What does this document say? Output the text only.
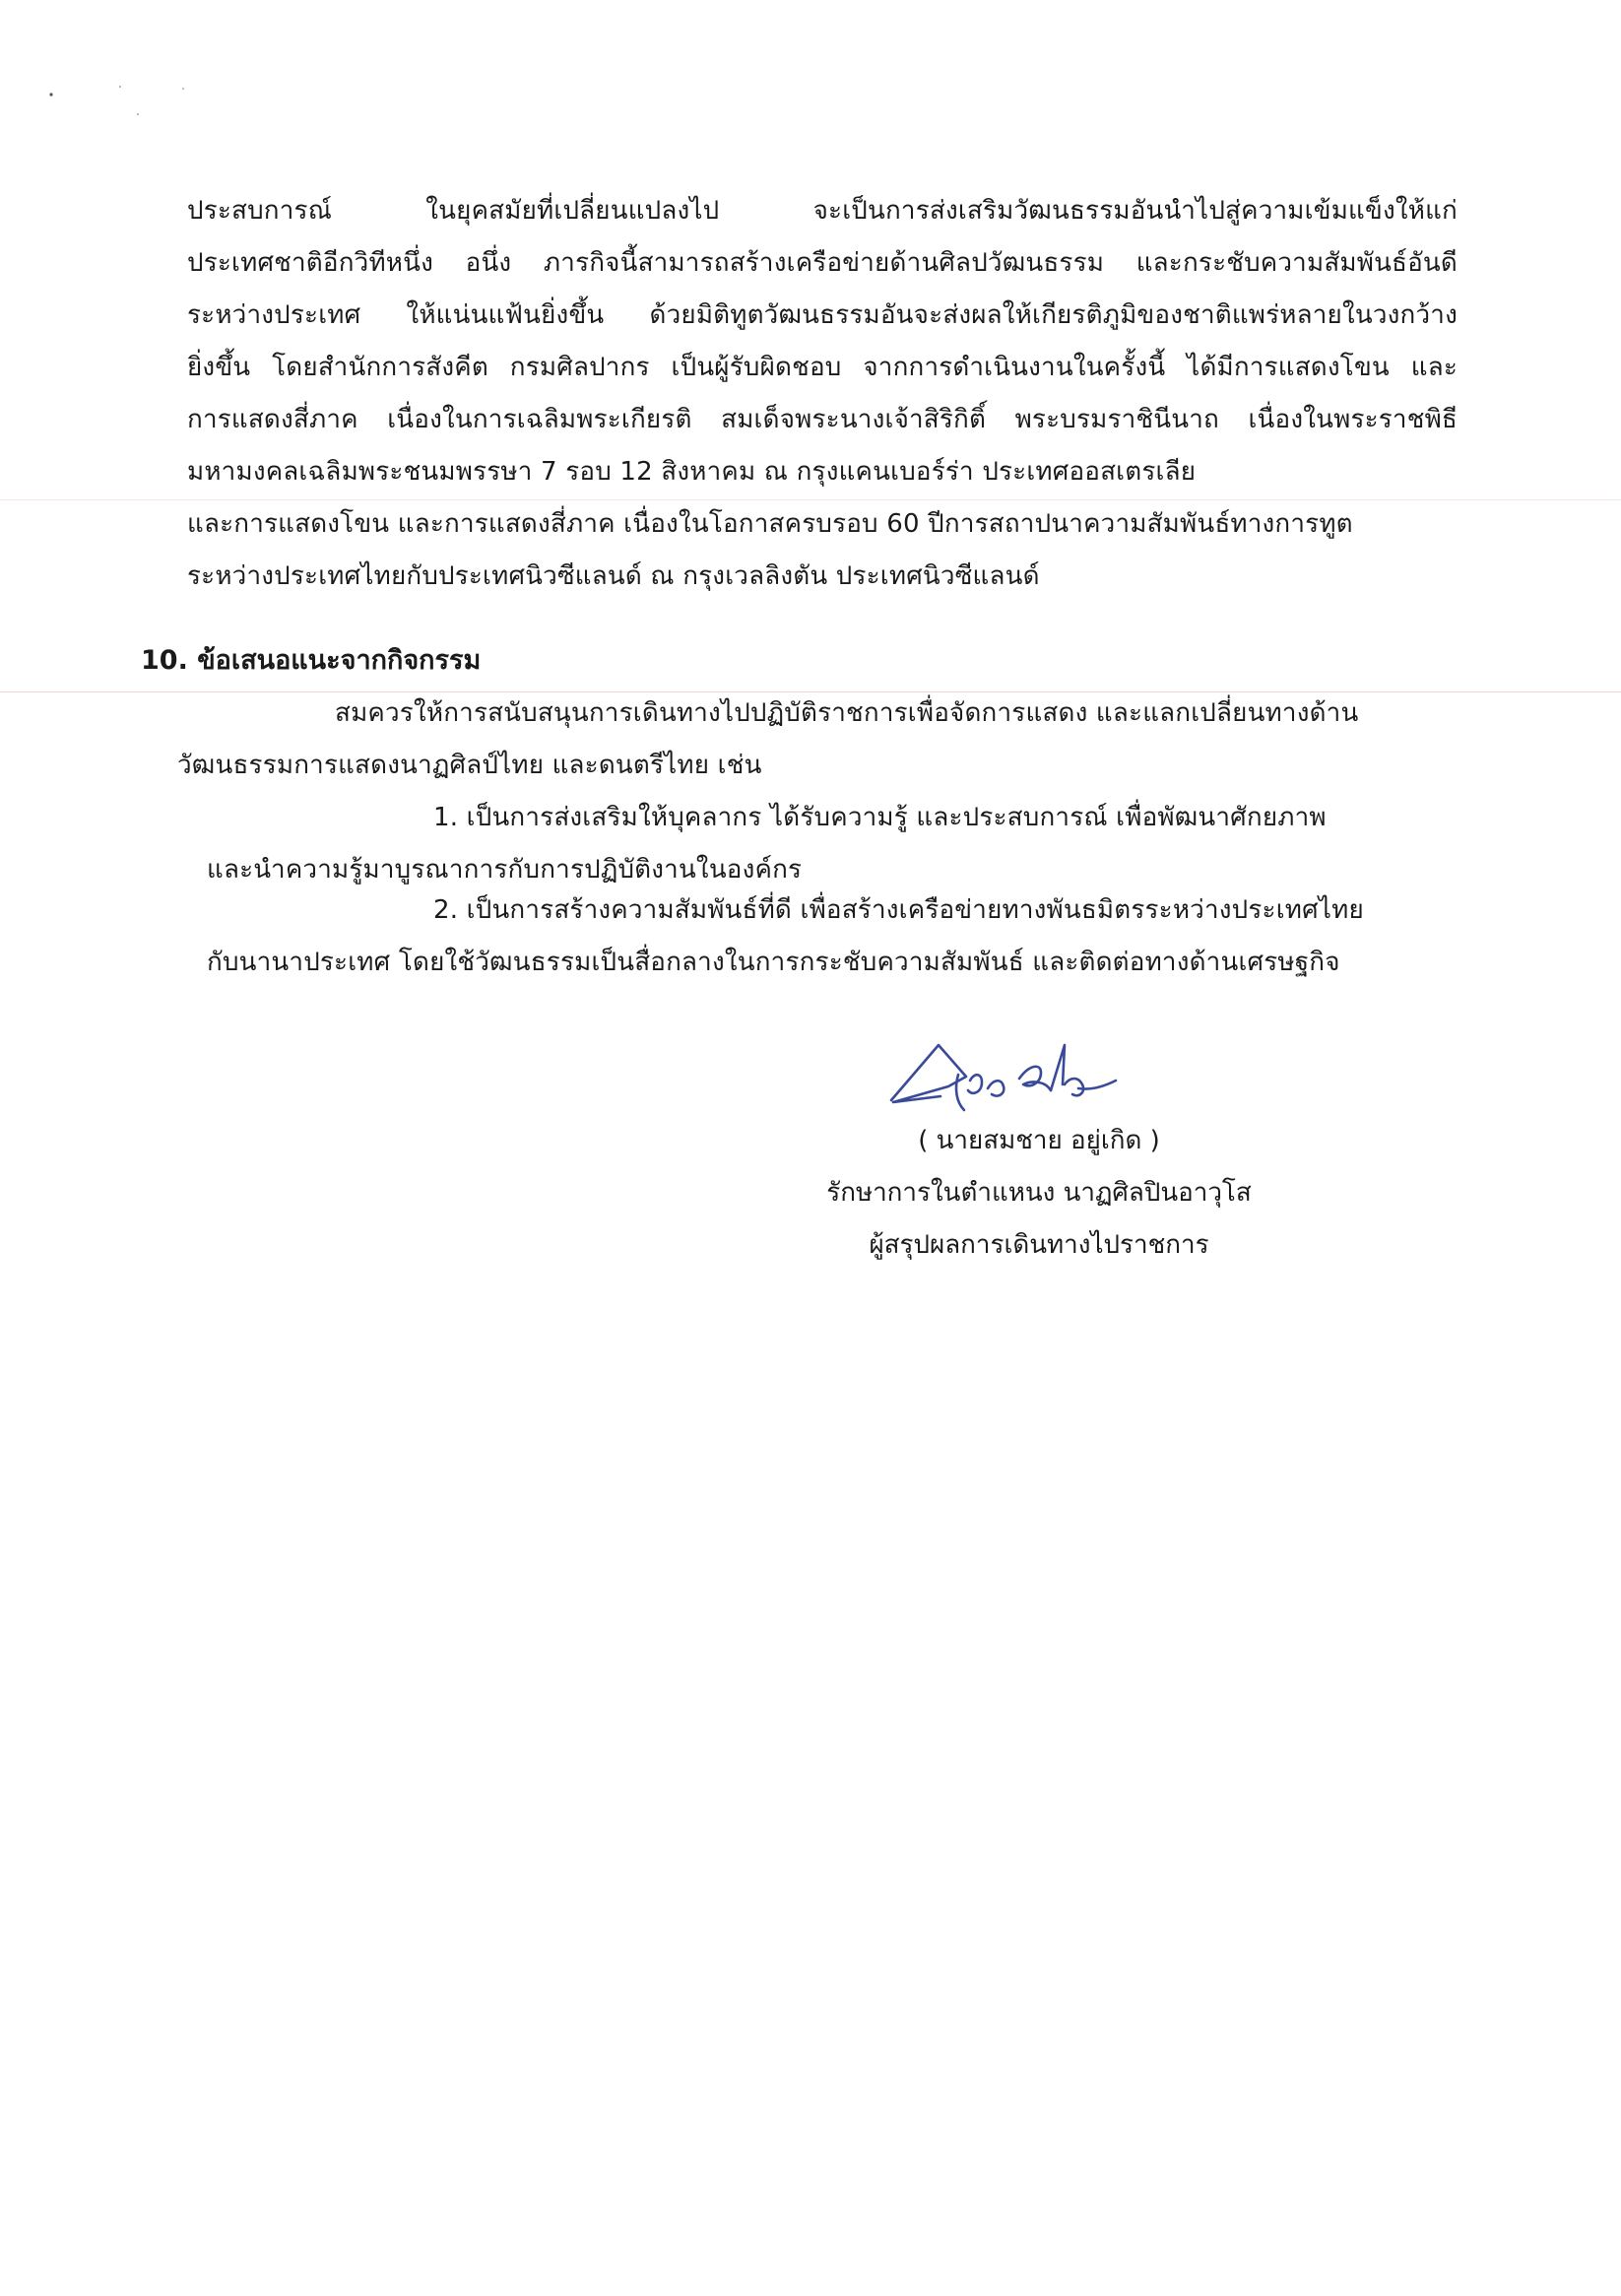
ประสบการณ์ ในยุคสมัยที่เปลี่ยนแปลงไป จะเป็นการส่งเสริมวัฒนธรรมอันนำไปสู่ความเข้มแข็งให้แก่

ประเทศชาติอีกวิทีหนึ่ง อนึ่ง ภารกิจนี้สามารถสร้างเครือข่ายด้านศิลปวัฒนธรรม และกระชับความสัมพันธ์อันดี

ระหว่างประเทศ ให้แน่นแฟ้นยิ่งขึ้น ด้วยมิติทูตวัฒนธรรมอันจะส่งผลให้เกียรติภูมิของชาติแพร่หลายในวงกว้าง

ยิ่งขึ้น โดยสำนักการสังคีต กรมศิลปากร เป็นผู้รับผิดชอบ จากการดำเนินงานในครั้งนี้ ได้มีการแสดงโขน และ

การแสดงสี่ภาค เนื่องในการเฉลิมพระเกียรติ สมเด็จพระนางเจ้าสิริกิติ์ พระบรมราชินีนาถ เนื่องในพระราชพิธี

มหามงคลเฉลิมพระชนมพรรษา 7 รอบ 12 สิงหาคม ณ กรุงแคนเบอร์ร่า ประเทศออสเตรเลีย

และการแสดงโขน และการแสดงสี่ภาค เนื่องในโอกาสครบรอบ 60 ปีการสถาปนาความสัมพันธ์ทางการทูต

ระหว่างประเทศไทยกับประเทศนิวซีแลนด์ ณ กรุงเวลลิงตัน ประเทศนิวซีแลนด์

10. ข้อเสนอแนะจากกิจกรรม

สมควรให้การสนับสนุนการเดินทางไปปฏิบัติราชการเพื่อจัดการแสดง และแลกเปลี่ยนทางด้าน

วัฒนธรรมการแสดงนาฏศิลป์ไทย และดนตรีไทย เช่น

1. เป็นการส่งเสริมให้บุคลากร ได้รับความรู้ และประสบการณ์ เพื่อพัฒนาศักยภาพ

และนำความรู้มาบูรณาการกับการปฏิบัติงานในองค์กร

2. เป็นการสร้างความสัมพันธ์ที่ดี เพื่อสร้างเครือข่ายทางพันธมิตรระหว่างประเทศไทย

กับนานาประเทศ โดยใช้วัฒนธรรมเป็นสื่อกลางในการกระชับความสัมพันธ์ และติดต่อทางด้านเศรษฐกิจ

( นายสมชาย อยู่เกิด )

รักษาการในตำแหนง นาฏศิลปินอาวุโส

ผู้สรุปผลการเดินทางไปราชการ
